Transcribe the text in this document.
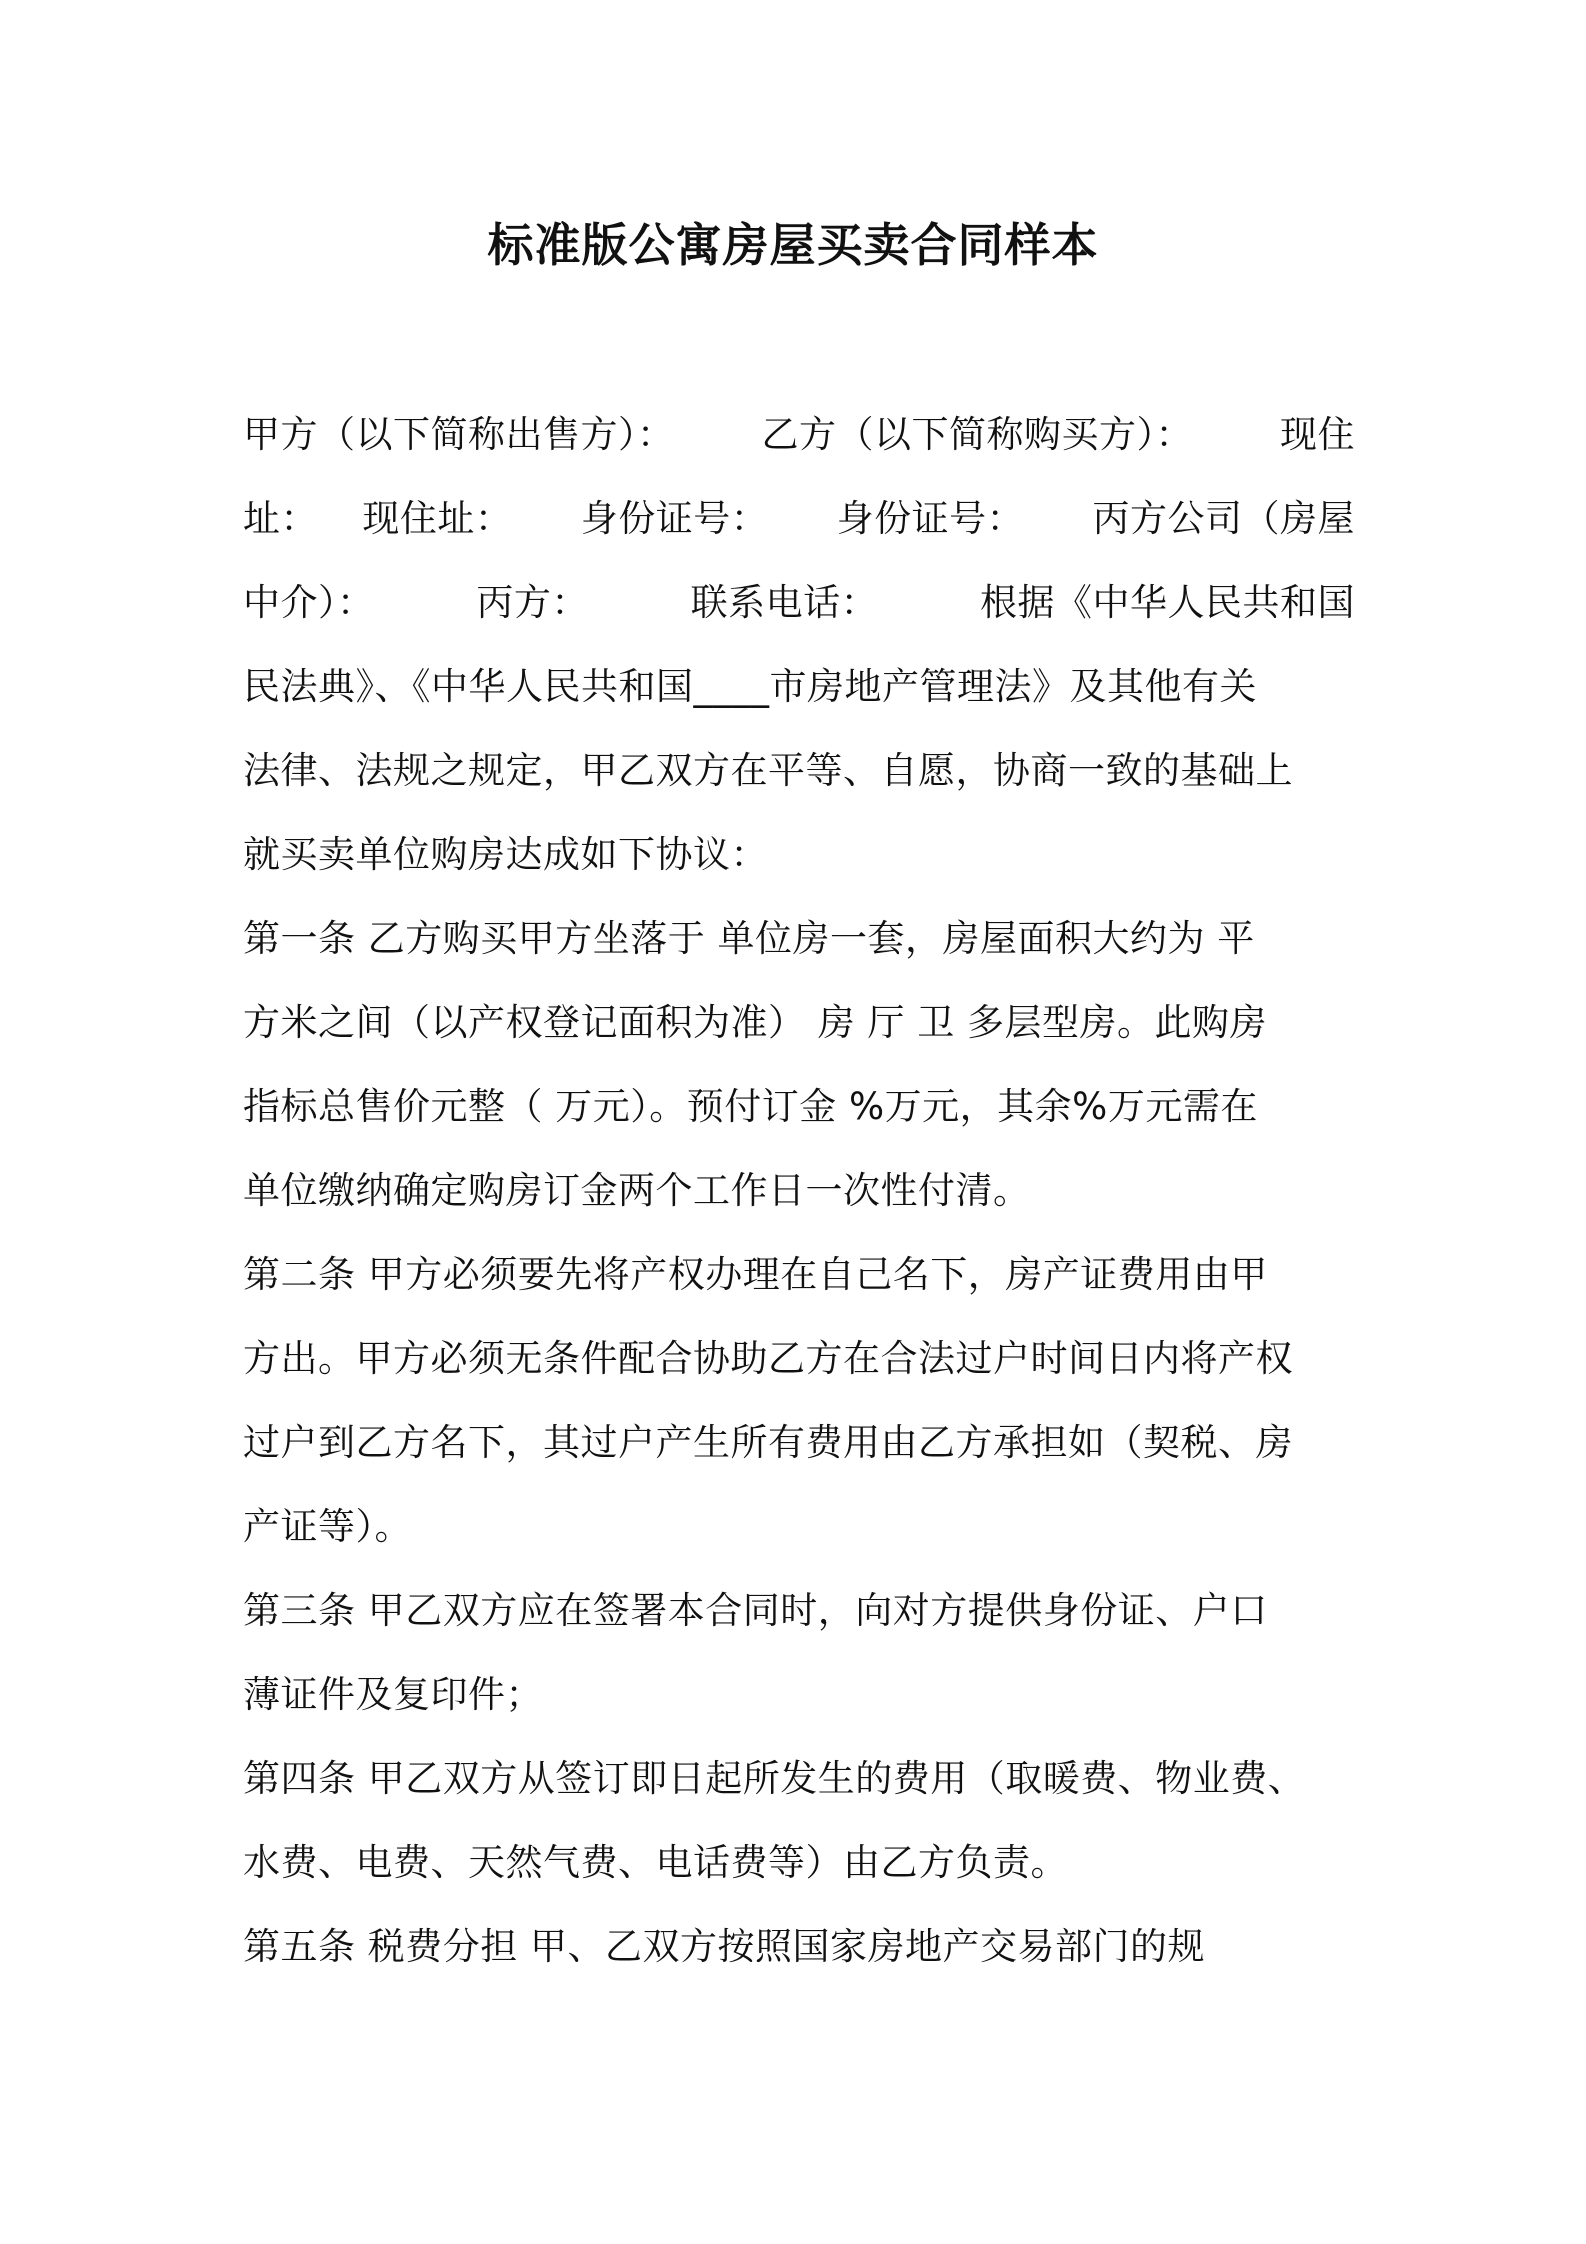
标准版公寓房屋买卖合同样本
甲方（以下简称出售方）： 乙方（以下简称购买方）： 现住
址： 现住址： 身份证号： 身份证号： 丙方公司（房屋
中介）：	丙方：	联系电话：	根据《中华人民共和国
民法典》、《中华人民共和国____市房地产管理法》及其他有关
法律、法规之规定，甲乙双方在平等、自愿，协商一致的基础上
就买卖单位购房达成如下协议：
第一条 乙方购买甲方坐落于 单位房一套，房屋面积大约为 平
方米之间（以产权登记面积为准） 房 厅 卫 多层型房。此购房
指标总售价元整（ 万元）。预付订金 %万元，其余%万元需在
单位缴纳确定购房订金两个工作日一次性付清。
第二条 甲方必须要先将产权办理在自己名下，房产证费用由甲
方出。甲方必须无条件配合协助乙方在合法过户时间日内将产权
过户到乙方名下，其过户产生所有费用由乙方承担如（契税、房
产证等）。
第三条 甲乙双方应在签署本合同时，向对方提供身份证、户口
薄证件及复印件；
第四条 甲乙双方从签订即日起所发生的费用（取暖费、物业费、
水费、电费、天然气费、电话费等）由乙方负责。
第五条 税费分担 甲、乙双方按照国家房地产交易部门的规
